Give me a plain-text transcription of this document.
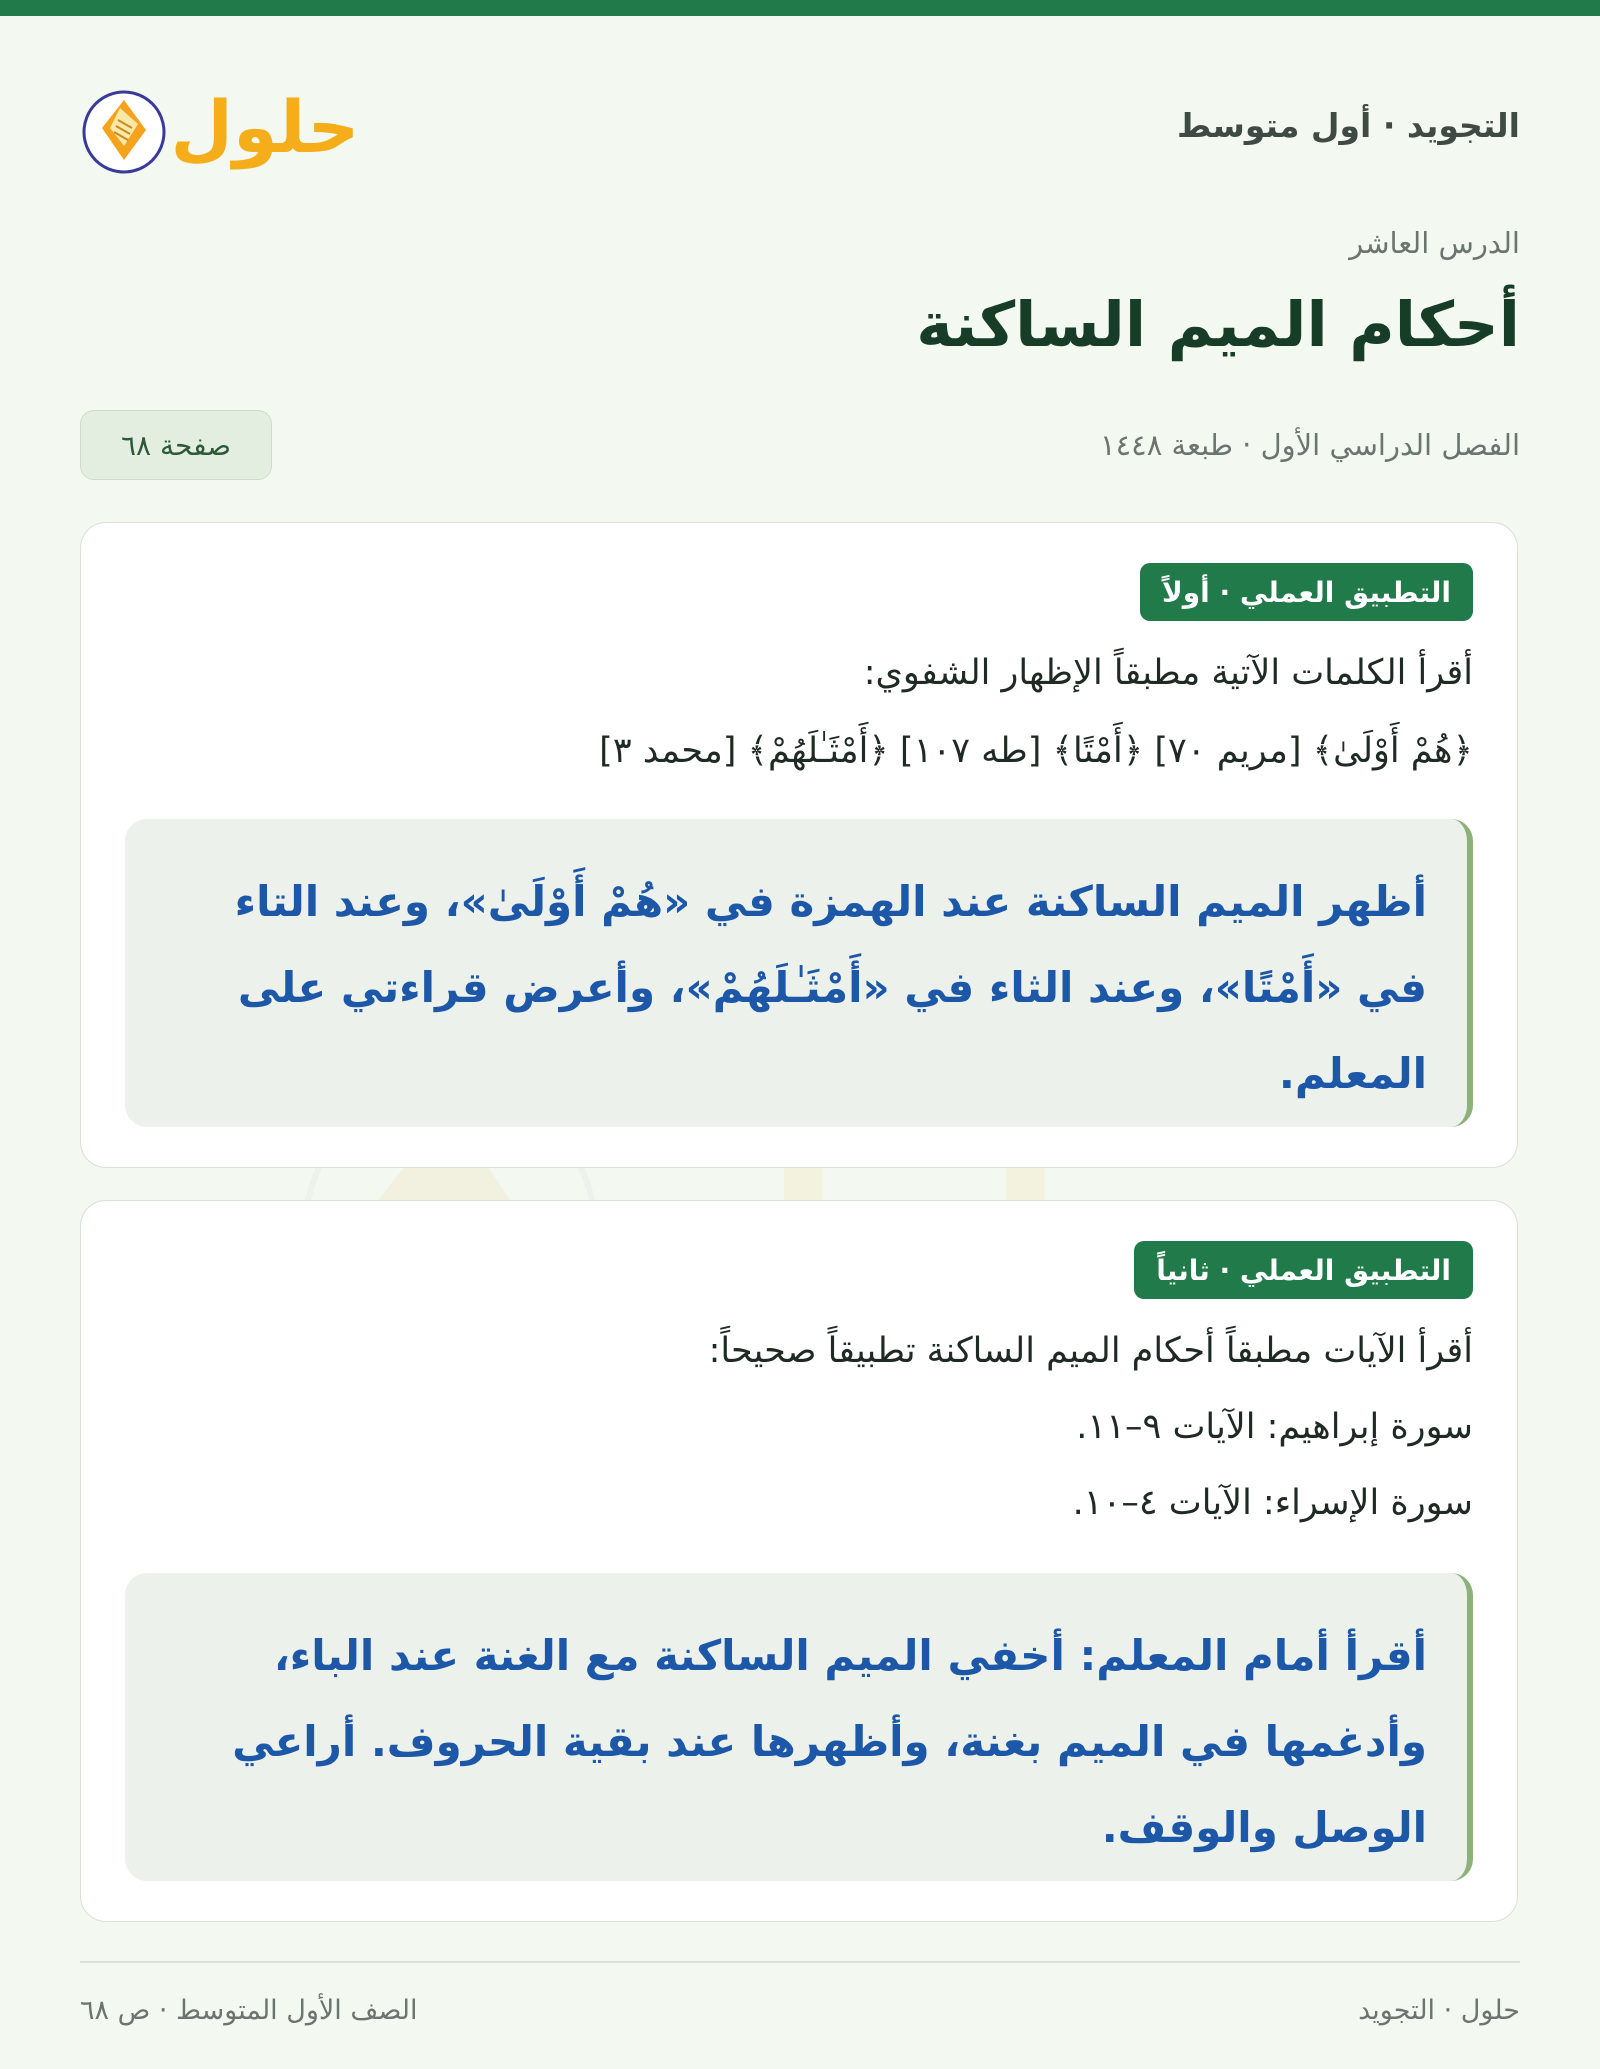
التجويد · أول متوسط
حلول
الدرس العاشر
أحكام الميم الساكنة
الفصل الدراسي الأول · طبعة ١٤٤٨
صفحة ٦٨
التطبيق العملي · أولاً
أقرأ الكلمات الآتية مطبقاً الإظهار الشفوي:
﴿هُمْ أَوْلَىٰ﴾ [مريم ٧٠] ﴿أَمْتًا﴾ [طه ١٠٧] ﴿أَمْثَـٰلَهُمْ﴾ [محمد ٣]
أظهر الميم الساكنة عند الهمزة في «هُمْ أَوْلَىٰ»، وعند التاء في «أَمْتًا»، وعند الثاء في «أَمْثَـٰلَهُمْ»، وأعرض قراءتي على المعلم.
التطبيق العملي · ثانياً
أقرأ الآيات مطبقاً أحكام الميم الساكنة تطبيقاً صحيحاً:
سورة إبراهيم: الآيات ٩–١١.
سورة الإسراء: الآيات ٤–١٠.
أقرأ أمام المعلم: أخفي الميم الساكنة مع الغنة عند الباء، وأدغمها في الميم بغنة، وأظهرها عند بقية الحروف. أراعي الوصل والوقف.
حلول · التجويد
الصف الأول المتوسط · ص ٦٨
